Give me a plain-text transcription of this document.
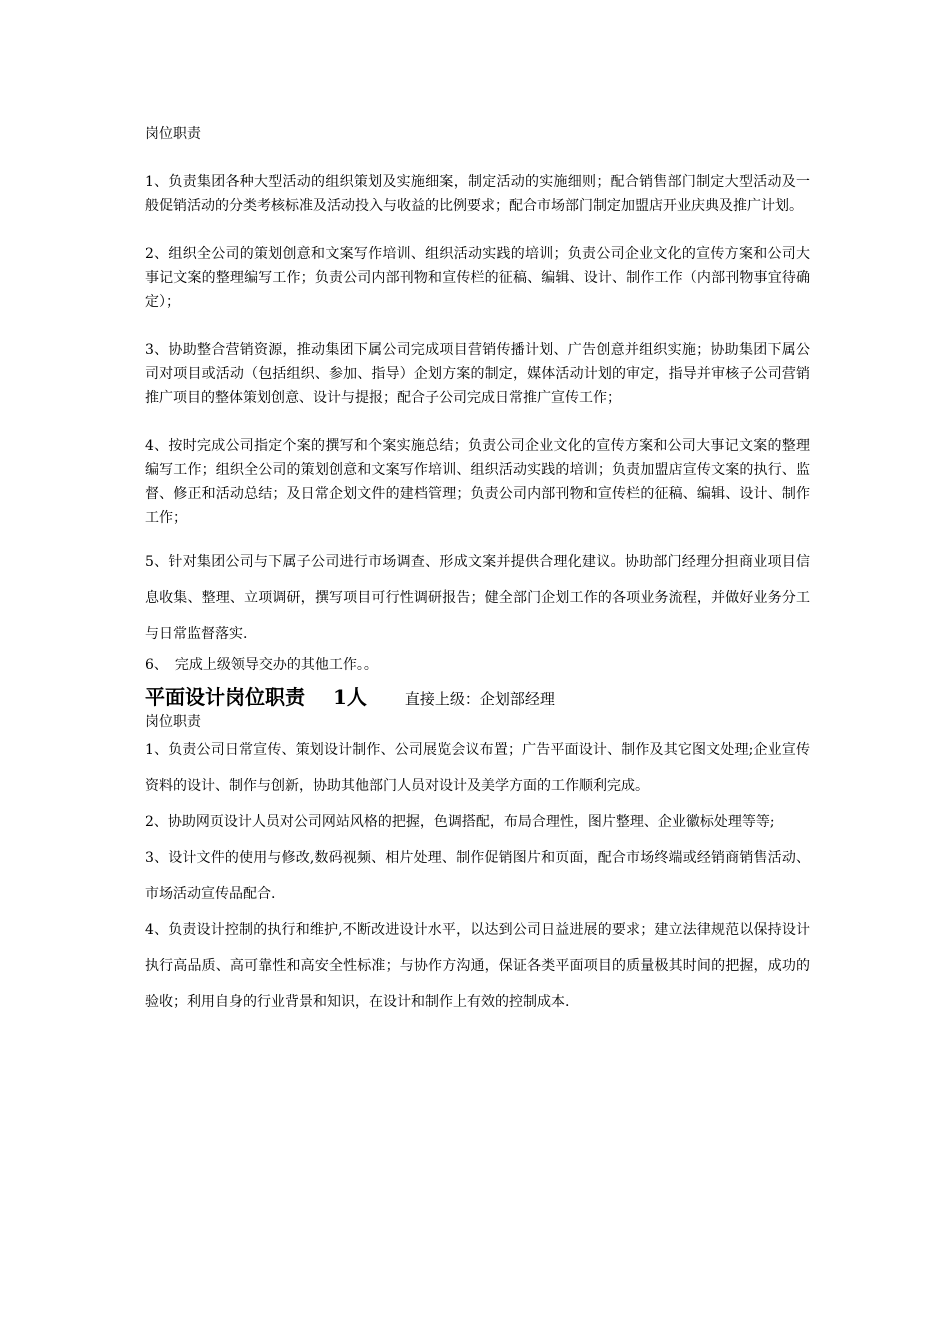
岗位职责

1、负责集团各种大型活动的组织策划及实施细案，制定活动的实施细则；配合销售部门制定大型活动及一般促销活动的分类考核标准及活动投入与收益的比例要求；配合市场部门制定加盟店开业庆典及推广计划。

2、组织全公司的策划创意和文案写作培训、组织活动实践的培训；负责公司企业文化的宣传方案和公司大事记文案的整理编写工作；负责公司内部刊物和宣传栏的征稿、编辑、设计、制作工作（内部刊物事宜待确定）；

3、协助整合营销资源，推动集团下属公司完成项目营销传播计划、广告创意并组织实施；协助集团下属公司对项目或活动（包括组织、参加、指导）企划方案的制定，媒体活动计划的审定，指导并审核子公司营销推广项目的整体策划创意、设计与提报；配合子公司完成日常推广宣传工作；

4、按时完成公司指定个案的撰写和个案实施总结；负责公司企业文化的宣传方案和公司大事记文案的整理编写工作；组织全公司的策划创意和文案写作培训、组织活动实践的培训；负责加盟店宣传文案的执行、监督、修正和活动总结；及日常企划文件的建档管理；负责公司内部刊物和宣传栏的征稿、编辑、设计、制作工作；

5、针对集团公司与下属子公司进行市场调查、形成文案并提供合理化建议。协助部门经理分担商业项目信息收集、整理、立项调研，撰写项目可行性调研报告；健全部门企划工作的各项业务流程，并做好业务分工与日常监督落实.

6、　完成上级领导交办的其他工作。。

平面设计岗位职责 1人	直接上级：企划部经理

岗位职责

1、负责公司日常宣传、策划设计制作、公司展览会议布置；广告平面设计、制作及其它图文处理;企业宣传资料的设计、制作与创新，协助其他部门人员对设计及美学方面的工作顺利完成。

2、协助网页设计人员对公司网站风格的把握，色调搭配，布局合理性，图片整理、企业徽标处理等等;

3、设计文件的使用与修改,数码视频、相片处理、制作促销图片和页面，配合市场终端或经销商销售活动、市场活动宣传品配合.

4、负责设计控制的执行和维护,不断改进设计水平，以达到公司日益进展的要求；建立法律规范以保持设计执行高品质、高可靠性和高安全性标准；与协作方沟通，保证各类平面项目的质量极其时间的把握，成功的验收；利用自身的行业背景和知识，在设计和制作上有效的控制成本.
